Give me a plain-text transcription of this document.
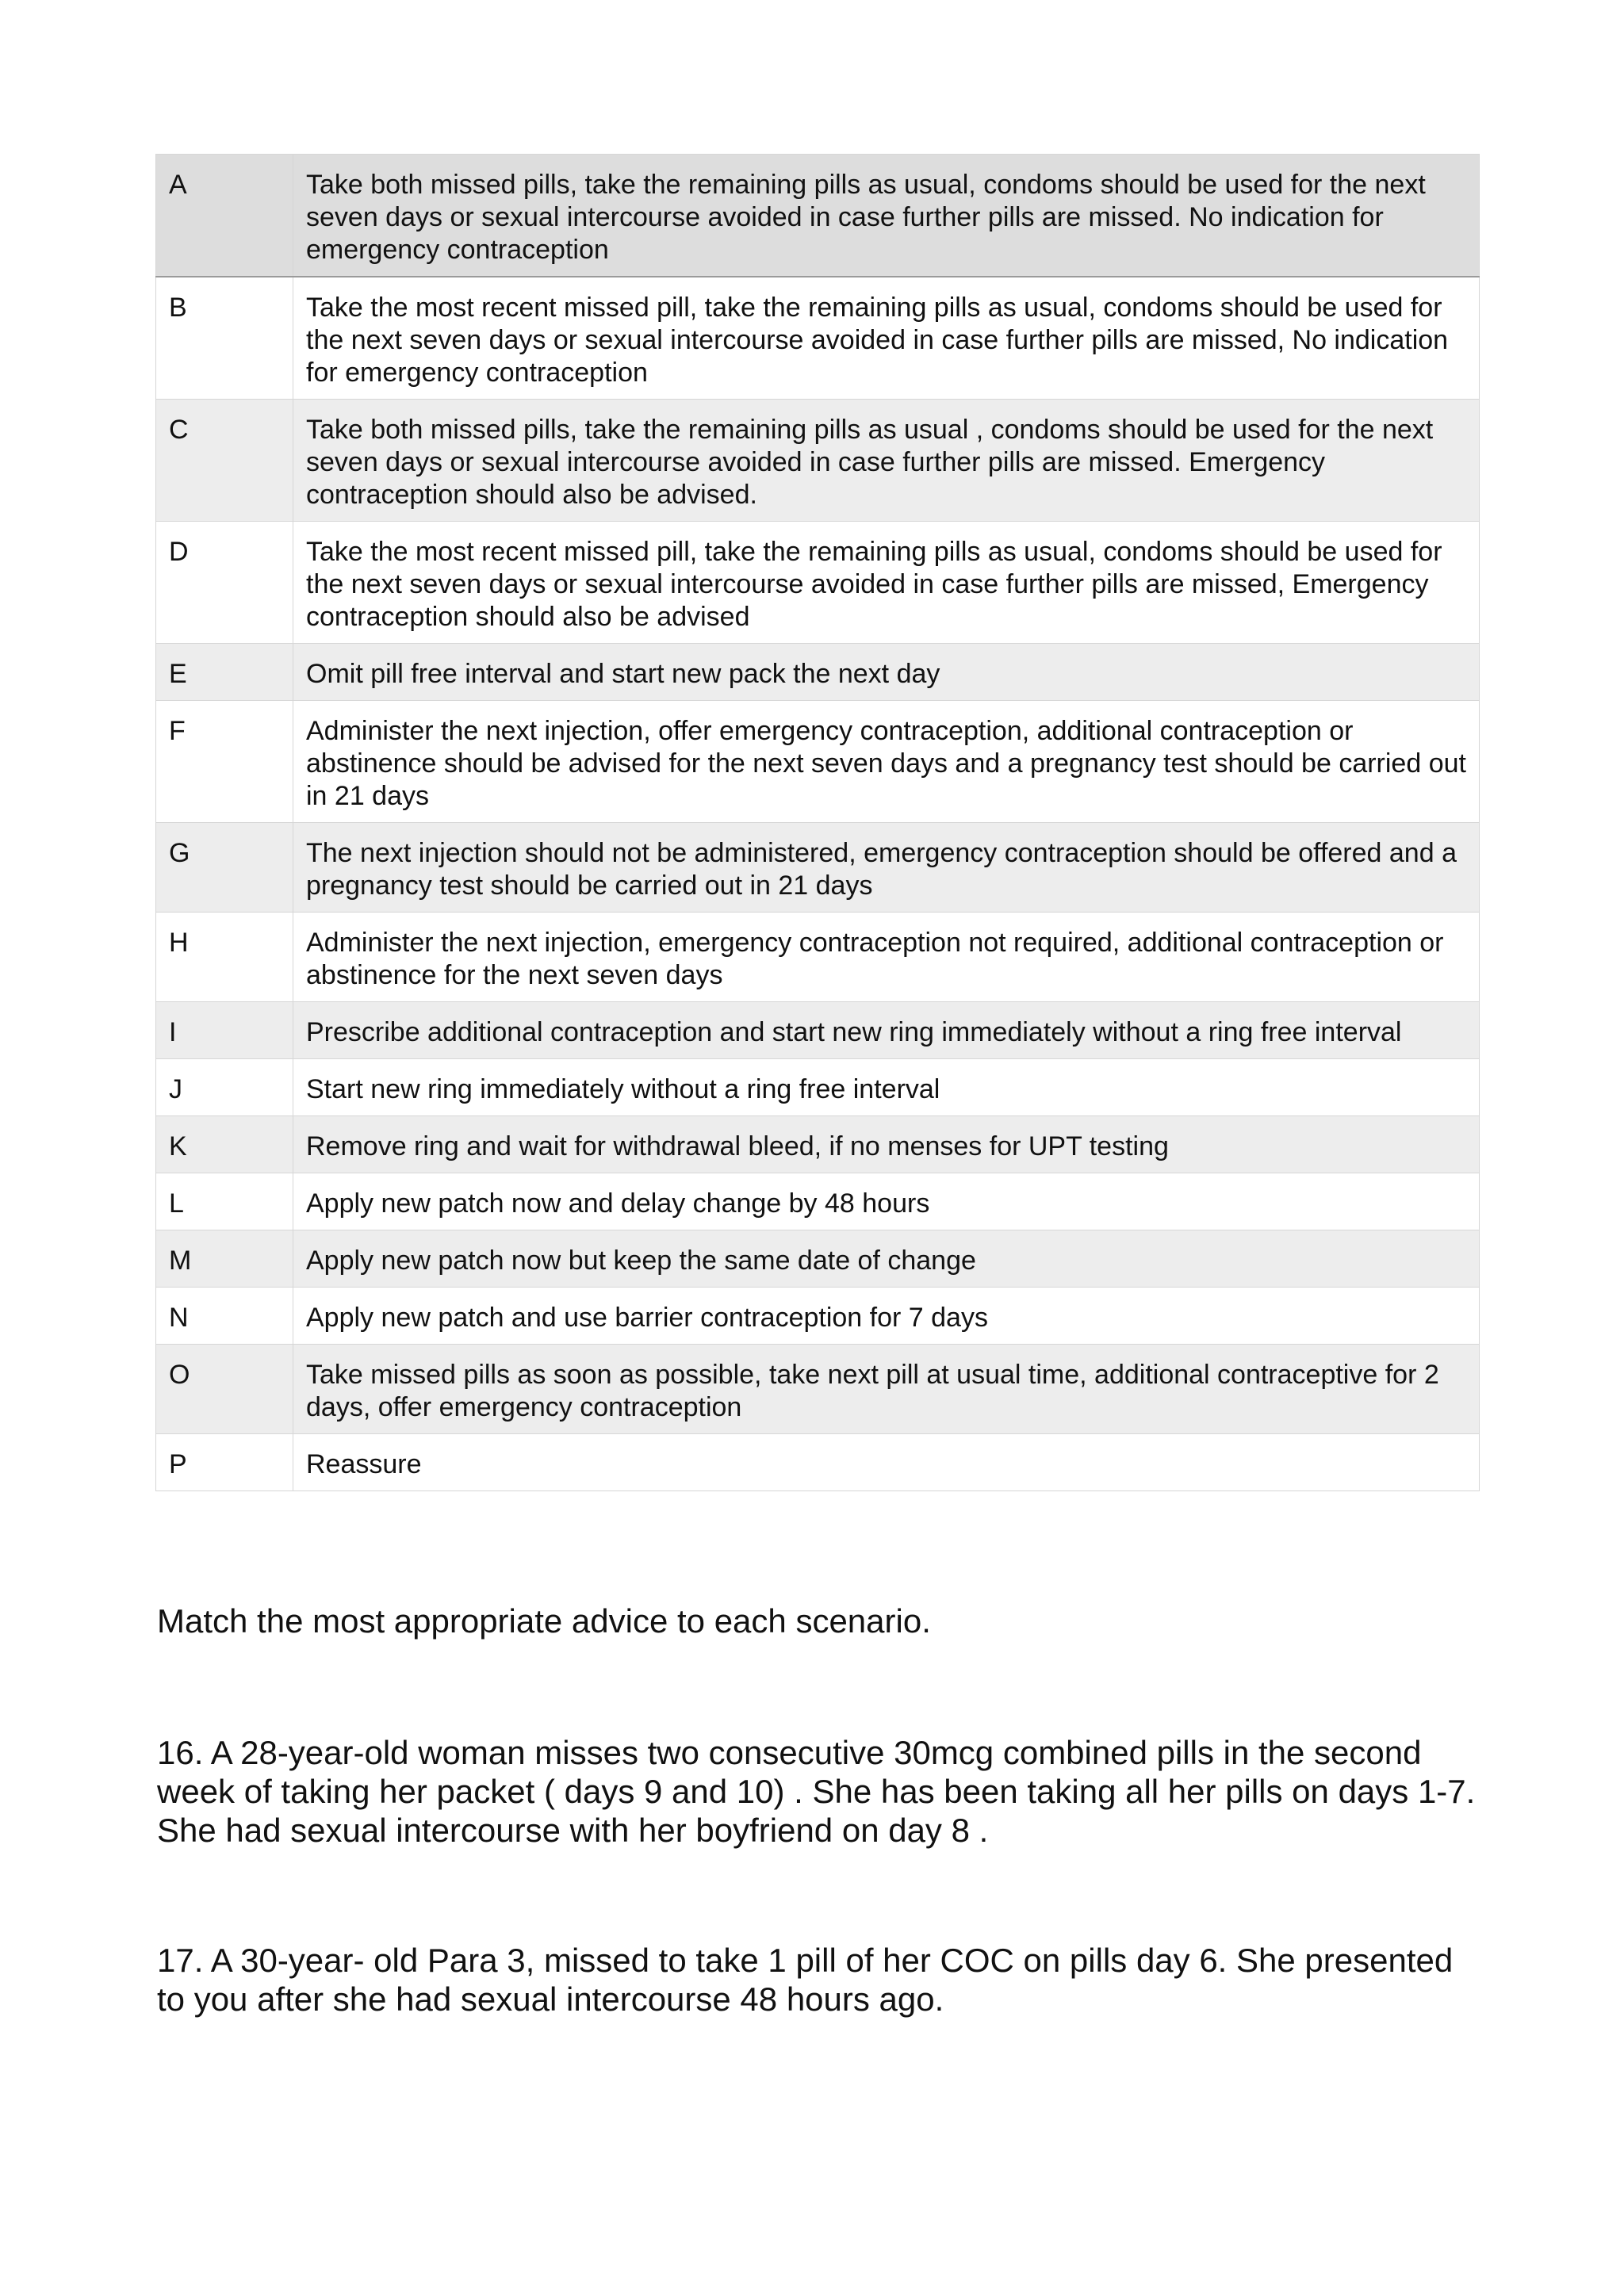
A	Take both missed pills, take the remaining pills as usual, condoms should be used for the next seven days or sexual intercourse avoided in case further pills are missed. No indication for emergency contraception
B	Take the most recent missed pill, take the remaining pills as usual, condoms should be used for the next seven days or sexual intercourse avoided in case further pills are missed, No indication for emergency contraception
C	Take both missed pills, take the remaining pills as usual , condoms should be used for the next seven days or sexual intercourse avoided in case further pills are missed. Emergency contraception should also be advised.
D	Take the most recent missed pill, take the remaining pills as usual, condoms should be used for the next seven days or sexual intercourse avoided in case further pills are missed, Emergency contraception should also be advised
E	Omit pill free interval and start new pack the next day
F	Administer the next injection, offer emergency contraception, additional contraception or abstinence should be advised for the next seven days and a pregnancy test should be carried out in 21 days
G	The next injection should not be administered, emergency contraception should be offered and a pregnancy test should be carried out in 21 days
H	Administer the next injection, emergency contraception not required, additional contraception or abstinence for the next seven days
I	Prescribe additional contraception and start new ring immediately without a ring free interval
J	Start new ring immediately without a ring free interval
K	Remove ring and wait for withdrawal bleed, if no menses for UPT testing
L	Apply new patch now and delay change by 48 hours
M	Apply new patch now but keep the same date of change
N	Apply new patch and use barrier contraception for 7 days
O	Take missed pills as soon as possible, take next pill at usual time, additional contraceptive for 2 days, offer emergency contraception
P	Reassure

Match the most appropriate advice to each scenario.

16. A 28-year-old woman misses two consecutive 30mcg combined pills in the second week of taking her packet ( days 9 and 10) . She has been taking all her pills on days 1-7. She had sexual intercourse with her boyfriend on day 8 .

17. A 30-year- old Para 3, missed to take 1 pill of her COC on pills day 6. She presented to you after she had sexual intercourse 48 hours ago.
